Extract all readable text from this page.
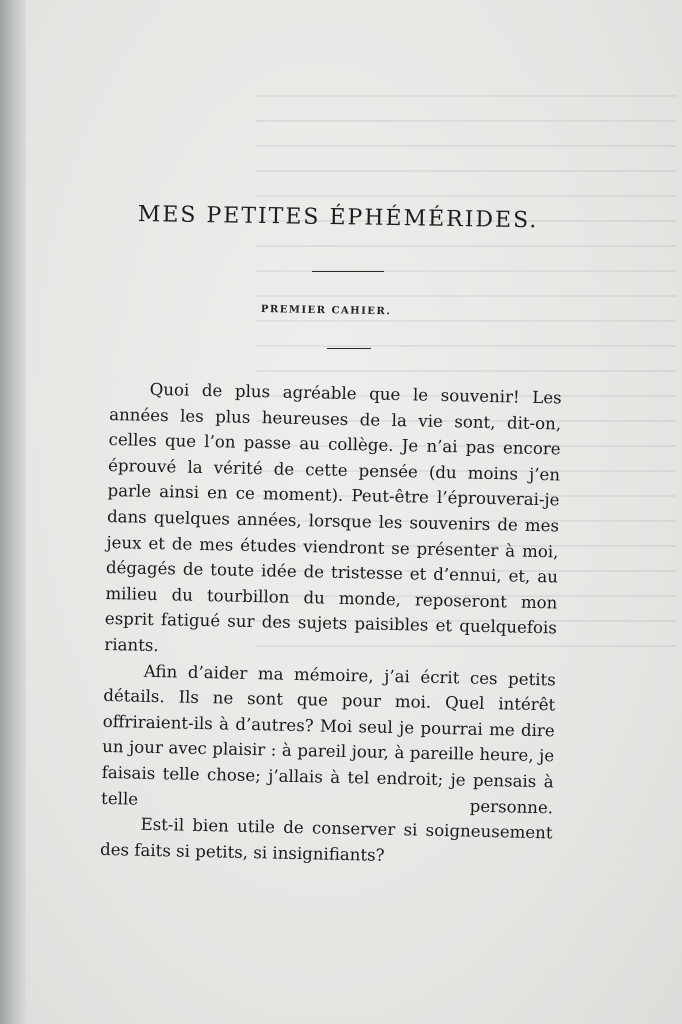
MES PETITES ÉPHÉMÉRIDES.
PREMIER CAHIER.

Quoi de plus agréable que le souvenir! Les années les plus heureuses de la vie sont, dit-on, celles que l’on passe au collège. Je n’ai pas encore éprouvé la vérité de cette pensée (du moins j’en parle ainsi en ce moment). Peut-être l’éprouverai-je dans quelques années, lorsque les souvenirs de mes jeux et de mes études viendront se présenter à moi, dégagés de toute idée de tristesse et d’ennui, et, au milieu du tourbillon du monde, reposeront mon esprit fatigué sur des sujets paisibles et quelquefois riants.

Afin d’aider ma mémoire, j’ai écrit ces petits détails. Ils ne sont que pour moi. Quel intérêt offriraient-ils à d’autres? Moi seul je pourrai me dire un jour avec plaisir : à pareil jour, à pareille heure, je faisais telle chose; j’allais à tel endroit; je pensais à telle personne.

Est-il bien utile de conserver si soigneusement des faits si petits, si insignifiants?
